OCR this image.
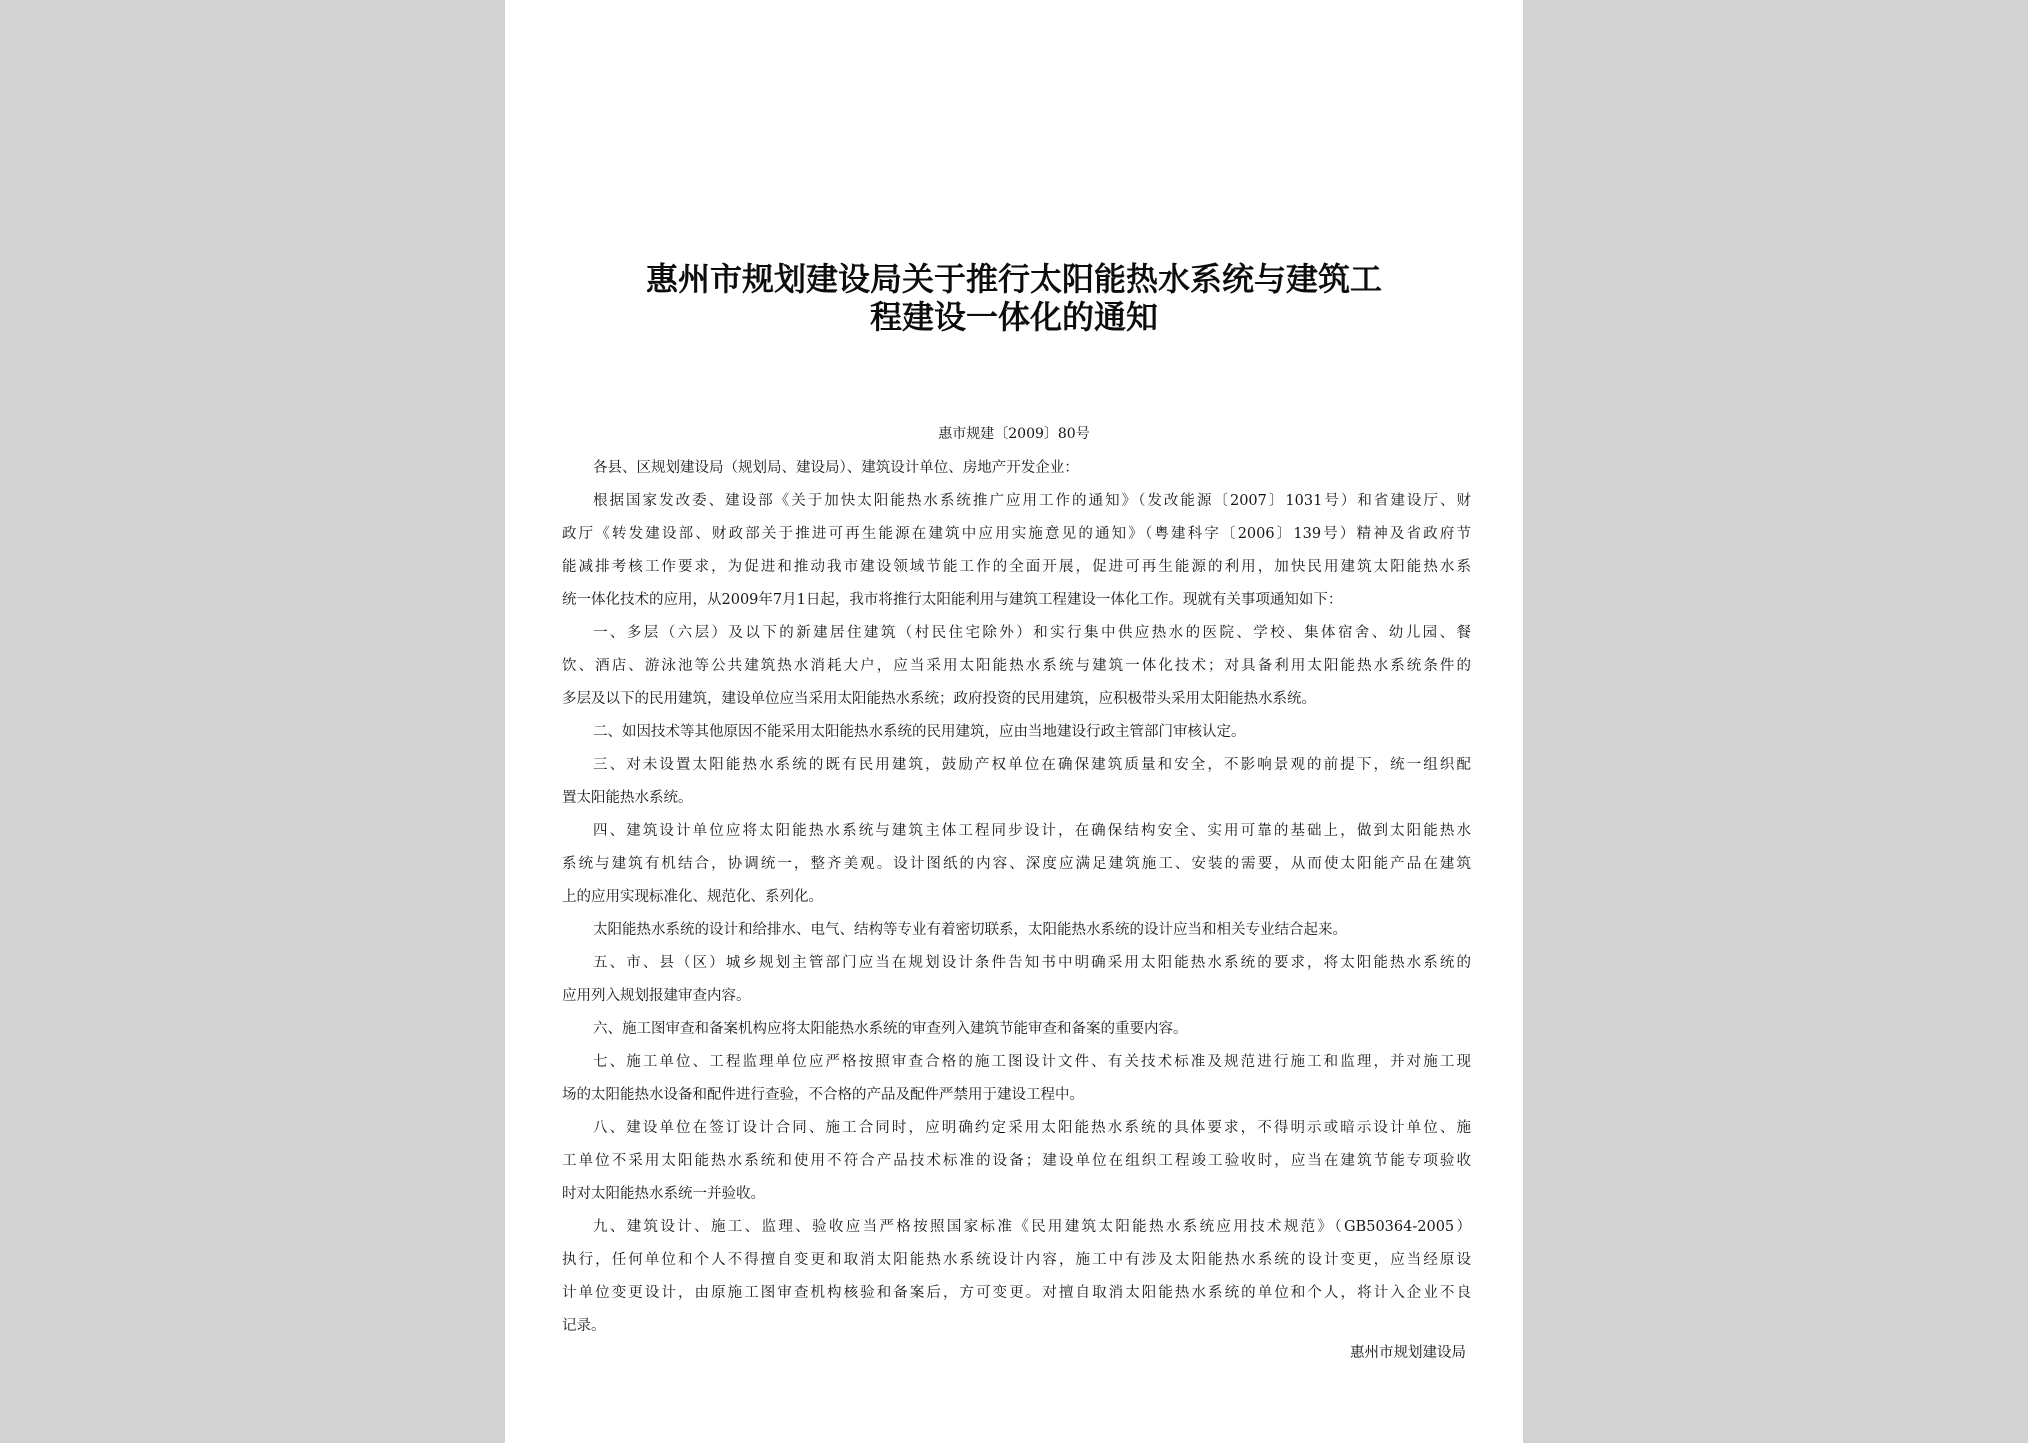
惠州市规划建设局关于推行太阳能热水系统与建筑工
程建设一体化的通知
惠市规建〔2009〕80号
各县、区规划建设局（规划局、建设局）、建筑设计单位、房地产开发企业：
根据国家发改委、建设部《关于加快太阳能热水系统推广应用工作的通知》（发改能源〔2007〕1031号）和省建设厅、财
政厅《转发建设部、财政部关于推进可再生能源在建筑中应用实施意见的通知》（粤建科字〔2006〕139号）精神及省政府节
能减排考核工作要求，为促进和推动我市建设领域节能工作的全面开展，促进可再生能源的利用，加快民用建筑太阳能热水系
统一体化技术的应用，从2009年7月1日起，我市将推行太阳能利用与建筑工程建设一体化工作。现就有关事项通知如下：
一、多层（六层）及以下的新建居住建筑（村民住宅除外）和实行集中供应热水的医院、学校、集体宿舍、幼儿园、餐
饮、酒店、游泳池等公共建筑热水消耗大户，应当采用太阳能热水系统与建筑一体化技术；对具备利用太阳能热水系统条件的
多层及以下的民用建筑，建设单位应当采用太阳能热水系统；政府投资的民用建筑，应积极带头采用太阳能热水系统。
二、如因技术等其他原因不能采用太阳能热水系统的民用建筑，应由当地建设行政主管部门审核认定。
三、对未设置太阳能热水系统的既有民用建筑，鼓励产权单位在确保建筑质量和安全，不影响景观的前提下，统一组织配
置太阳能热水系统。
四、建筑设计单位应将太阳能热水系统与建筑主体工程同步设计，在确保结构安全、实用可靠的基础上，做到太阳能热水
系统与建筑有机结合，协调统一，整齐美观。设计图纸的内容、深度应满足建筑施工、安装的需要，从而使太阳能产品在建筑
上的应用实现标准化、规范化、系列化。
太阳能热水系统的设计和给排水、电气、结构等专业有着密切联系，太阳能热水系统的设计应当和相关专业结合起来。
五、市、县（区）城乡规划主管部门应当在规划设计条件告知书中明确采用太阳能热水系统的要求，将太阳能热水系统的
应用列入规划报建审查内容。
六、施工图审查和备案机构应将太阳能热水系统的审查列入建筑节能审查和备案的重要内容。
七、施工单位、工程监理单位应严格按照审查合格的施工图设计文件、有关技术标准及规范进行施工和监理，并对施工现
场的太阳能热水设备和配件进行查验，不合格的产品及配件严禁用于建设工程中。
八、建设单位在签订设计合同、施工合同时，应明确约定采用太阳能热水系统的具体要求，不得明示或暗示设计单位、施
工单位不采用太阳能热水系统和使用不符合产品技术标准的设备；建设单位在组织工程竣工验收时，应当在建筑节能专项验收
时对太阳能热水系统一并验收。
九、建筑设计、施工、监理、验收应当严格按照国家标准《民用建筑太阳能热水系统应用技术规范》（GB50364-2005）
执行，任何单位和个人不得擅自变更和取消太阳能热水系统设计内容，施工中有涉及太阳能热水系统的设计变更，应当经原设
计单位变更设计，由原施工图审查机构核验和备案后，方可变更。对擅自取消太阳能热水系统的单位和个人，将计入企业不良
记录。
惠州市规划建设局
